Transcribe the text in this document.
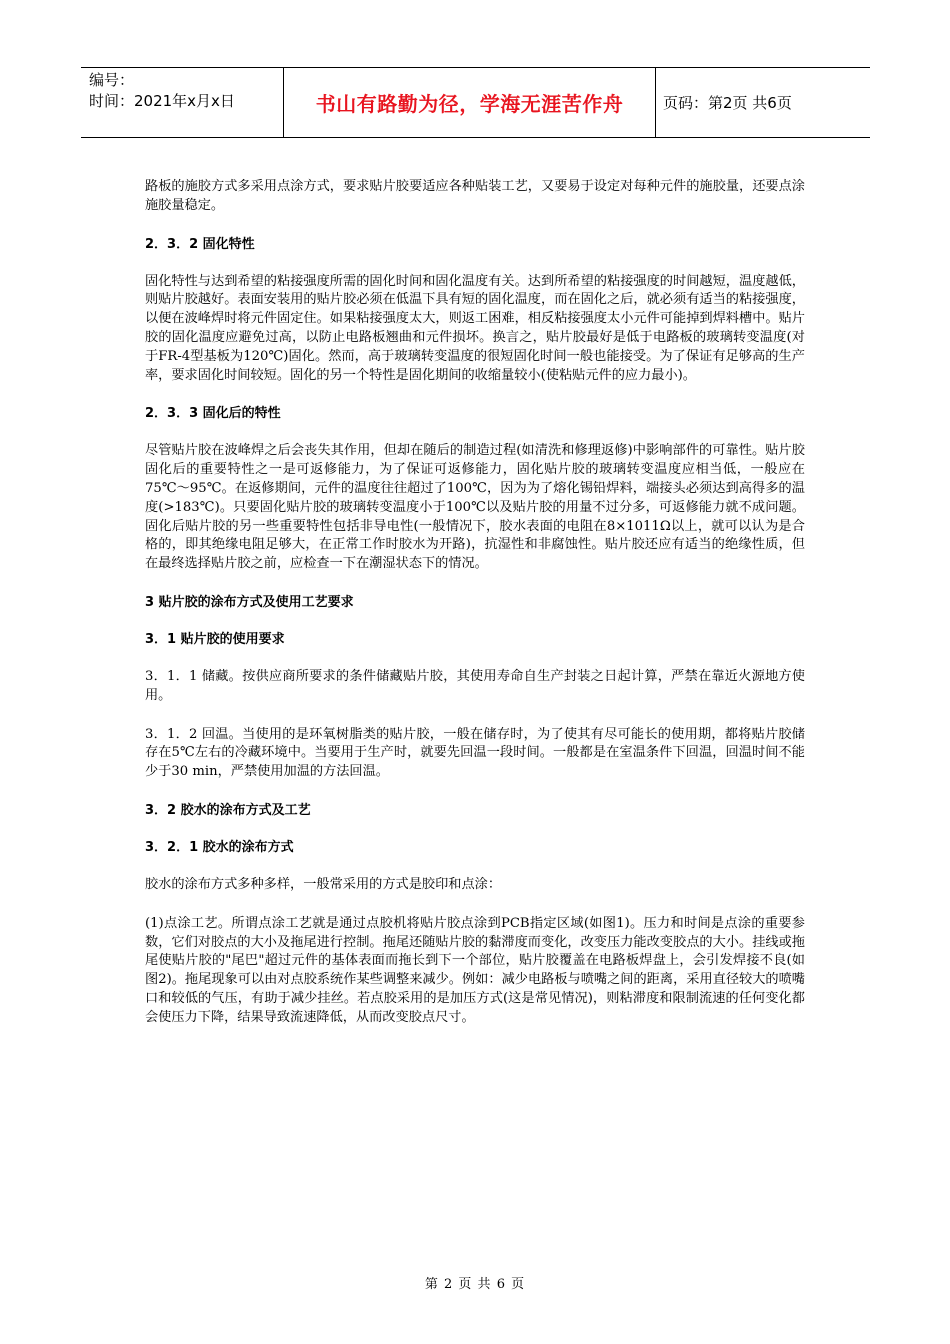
编号：
时间：2021年x月x日	书山有路勤为径，学海无涯苦作舟	页码：第2页 共6页

路板的施胶方式多采用点涂方式，要求贴片胶要适应各种贴装工艺，又要易于设定对每种元件的施胶量，还要点涂施胶量稳定。

2．3．2 固化特性

固化特性与达到希望的粘接强度所需的固化时间和固化温度有关。达到所希望的粘接强度的时间越短，温度越低，则贴片胶越好。表面安装用的贴片胶必须在低温下具有短的固化温度，而在固化之后，就必须有适当的粘接强度，以便在波峰焊时将元件固定住。如果粘接强度太大，则返工困难，相反粘接强度太小元件可能掉到焊料槽中。贴片胶的固化温度应避免过高，以防止电路板翘曲和元件损坏。换言之，贴片胶最好是低于电路板的玻璃转变温度(对于FR-4型基板为120℃)固化。然而，高于玻璃转变温度的很短固化时间一般也能接受。为了保证有足够高的生产率，要求固化时间较短。固化的另一个特性是固化期间的收缩量较小(使粘贴元件的应力最小)。

2．3．3 固化后的特性

尽管贴片胶在波峰焊之后会丧失其作用，但却在随后的制造过程(如清洗和修理返修)中影响部件的可靠性。贴片胶固化后的重要特性之一是可返修能力，为了保证可返修能力，固化贴片胶的玻璃转变温度应相当低，一般应在75℃～95℃。在返修期间，元件的温度往往超过了100℃，因为为了熔化锡铅焊料，端接头必须达到高得多的温度(>183℃)。只要固化贴片胶的玻璃转变温度小于100℃以及贴片胶的用量不过分多，可返修能力就不成问题。固化后贴片胶的另一些重要特性包括非导电性(一般情况下，胶水表面的电阻在8×1011Ω以上，就可以认为是合格的，即其绝缘电阻足够大，在正常工作时胶水为开路)，抗湿性和非腐蚀性。贴片胶还应有适当的绝缘性质，但在最终选择贴片胶之前，应检查一下在潮湿状态下的情况。

3 贴片胶的涂布方式及使用工艺要求
3．1 贴片胶的使用要求

3．1．1 储藏。按供应商所要求的条件储藏贴片胶，其使用寿命自生产封装之日起计算，严禁在靠近火源地方使用。

3．1．2 回温。当使用的是环氧树脂类的贴片胶，一般在储存时，为了使其有尽可能长的使用期，都将贴片胶储存在5℃左右的冷藏环境中。当要用于生产时，就要先回温一段时间。一般都是在室温条件下回温，回温时间不能少于30 min，严禁使用加温的方法回温。

3．2 胶水的涂布方式及工艺
3．2．1 胶水的涂布方式

胶水的涂布方式多种多样，一般常采用的方式是胶印和点涂：

(1)点涂工艺。所谓点涂工艺就是通过点胶机将贴片胶点涂到PCB指定区域(如图1)。压力和时间是点涂的重要参数，它们对胶点的大小及拖尾进行控制。拖尾还随贴片胶的黏滞度而变化，改变压力能改变胶点的大小。挂线或拖尾使贴片胶的"尾巴"超过元件的基体表面而拖长到下一个部位，贴片胶覆盖在电路板焊盘上，会引发焊接不良(如图2)。拖尾现象可以由对点胶系统作某些调整来减少。例如：减少电路板与喷嘴之间的距离，采用直径较大的喷嘴口和较低的气压，有助于减少挂丝。若点胶采用的是加压方式(这是常见情况)，则粘滞度和限制流速的任何变化都会使压力下降，结果导致流速降低，从而改变胶点尺寸。

第 2 页 共 6 页
